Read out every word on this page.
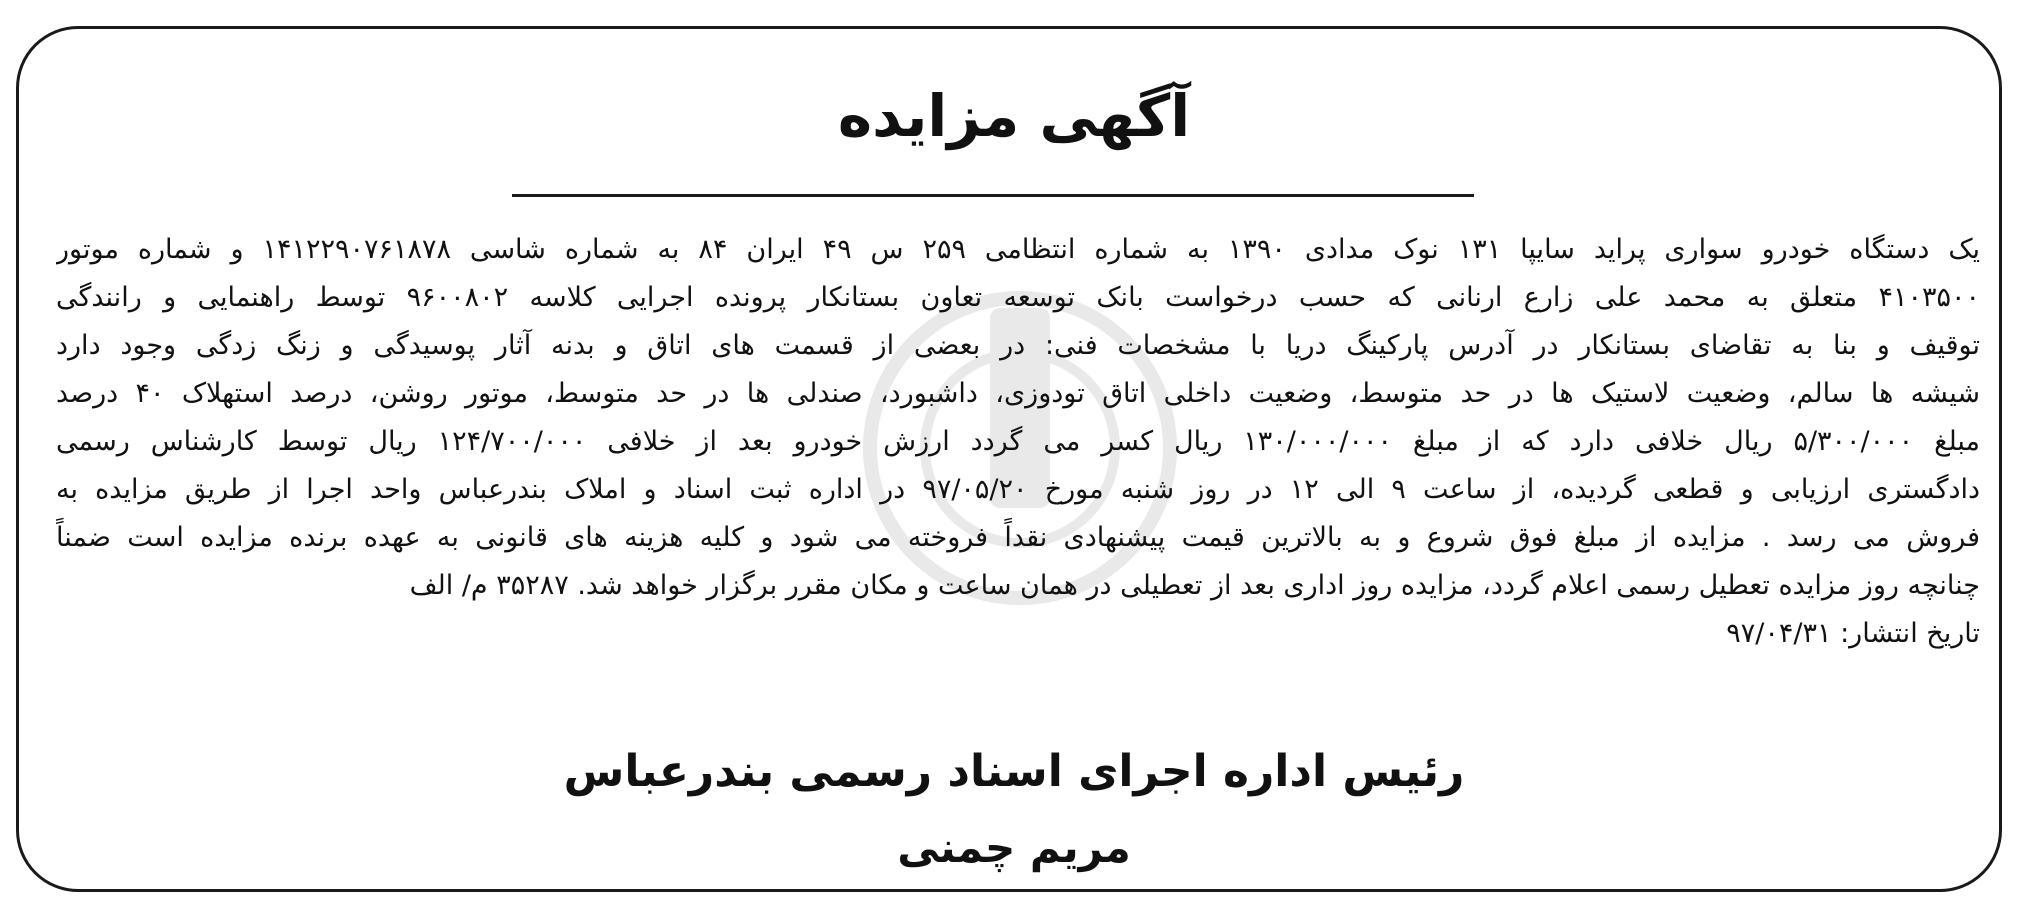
آگهی مزایده
یک دستگاه خودرو سواری پراید سایپا ۱۳۱ نوک مدادی ۱۳۹۰ به شماره انتظامی ۲۵۹ س ۴۹ ایران ۸۴ به شماره شاسی ۱۴۱۲۲۹۰۷۶۱۸۷۸ و شماره موتور
۴۱۰۳۵۰۰ متعلق به محمد علی زارع ارنانی که حسب درخواست بانک توسعه تعاون بستانکار پرونده اجرایی کلاسه ۹۶۰۰۸۰۲ توسط راهنمایی و رانندگی
توقیف و بنا به تقاضای بستانکار در آدرس پارکینگ دریا با مشخصات فنی: در بعضی از قسمت های اتاق و بدنه آثار پوسیدگی و زنگ زدگی وجود دارد
شیشه ها سالم، وضعیت لاستیک ها در حد متوسط، وضعیت داخلی اتاق تودوزی، داشبورد، صندلی ها در حد متوسط، موتور روشن، درصد استهلاک ۴۰ درصد
مبلغ ۵/۳۰۰/۰۰۰ ریال خلافی دارد که از مبلغ ۱۳۰/۰۰۰/۰۰۰ ریال کسر می گردد ارزش خودرو بعد از خلافی ۱۲۴/۷۰۰/۰۰۰ ریال توسط کارشناس رسمی
دادگستری ارزیابی و قطعی گردیده، از ساعت ۹ الی ۱۲ در روز شنبه مورخ ۹۷/۰۵/۲۰ در اداره ثبت اسناد و املاک بندرعباس واحد اجرا از طریق مزایده به
فروش می رسد . مزایده از مبلغ فوق شروع و به بالاترین قیمت پیشنهادی نقداً فروخته می شود و کلیه هزینه های قانونی به عهده برنده مزایده است ضمناً
چنانچه روز مزایده تعطیل رسمی اعلام گردد، مزایده روز اداری بعد از تعطیلی در همان ساعت و مکان مقرر برگزار خواهد شد. ۳۵۲۸۷ م/ الف
تاریخ انتشار: ۹۷/۰۴/۳۱
رئیس اداره اجرای اسناد رسمی بندرعباس
مریم چمنی
